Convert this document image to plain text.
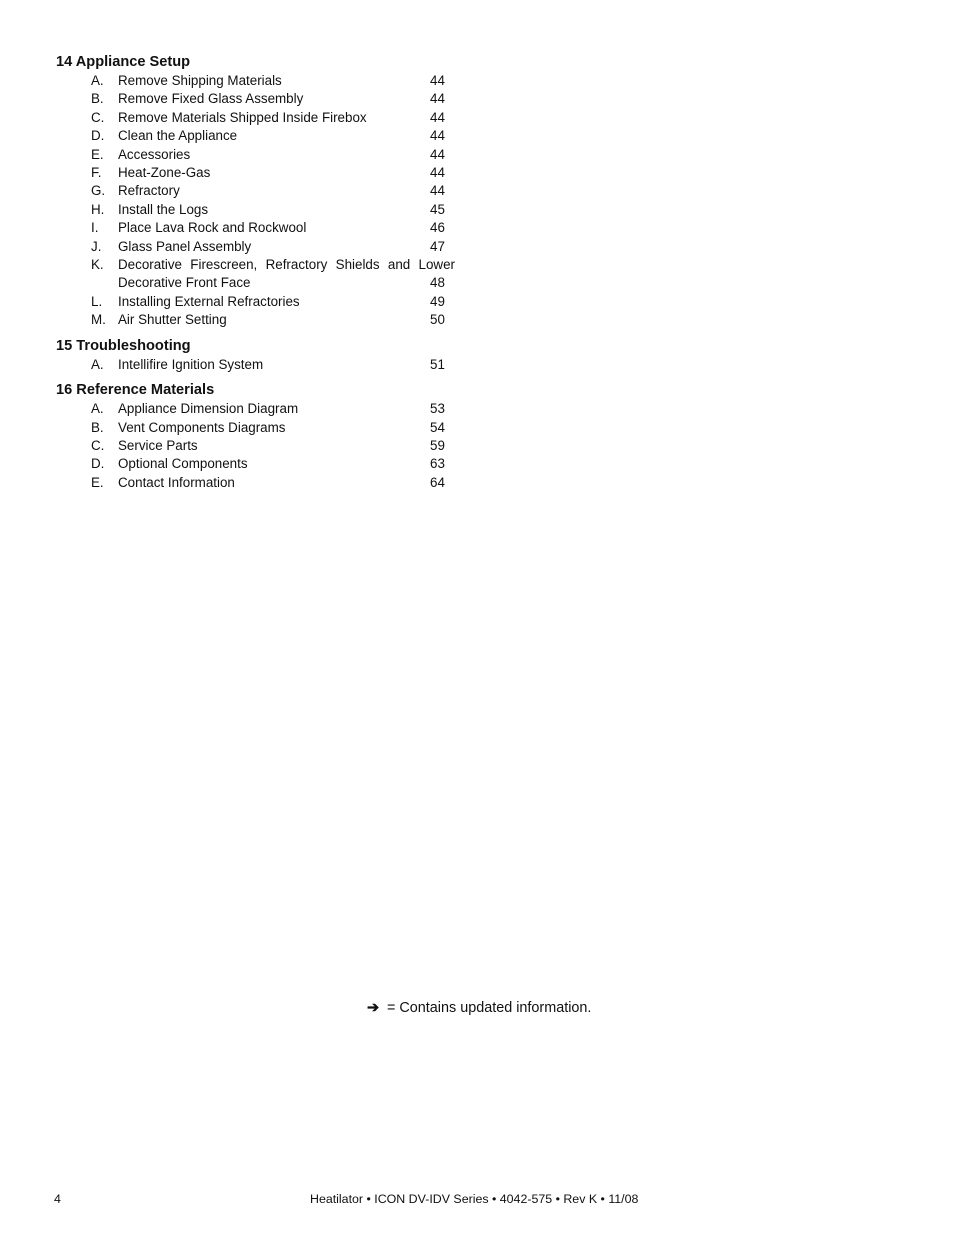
14 Appliance Setup
A. Remove Shipping Materials	44
B. Remove Fixed Glass Assembly	44
C. Remove Materials Shipped Inside Firebox	44
D. Clean the Appliance	44
E. Accessories	44
F. Heat-Zone-Gas	44
G. Refractory	44
H. Install the Logs	45
I. Place Lava Rock and Rockwool	46
J. Glass Panel Assembly	47
K. Decorative Firescreen, Refractory Shields and Lower
Decorative Front Face	48
L. Installing External Refractories	49
M. Air Shutter Setting	50
15 Troubleshooting
A. Intellifire Ignition System	51
16 Reference Materials
A. Appliance Dimension Diagram	53
B. Vent Components Diagrams	54
C. Service Parts	59
D. Optional Components	63
E. Contact Information	64
➔ = Contains updated information.
4	Heatilator • ICON DV-IDV Series • 4042-575 • Rev K • 11/08
